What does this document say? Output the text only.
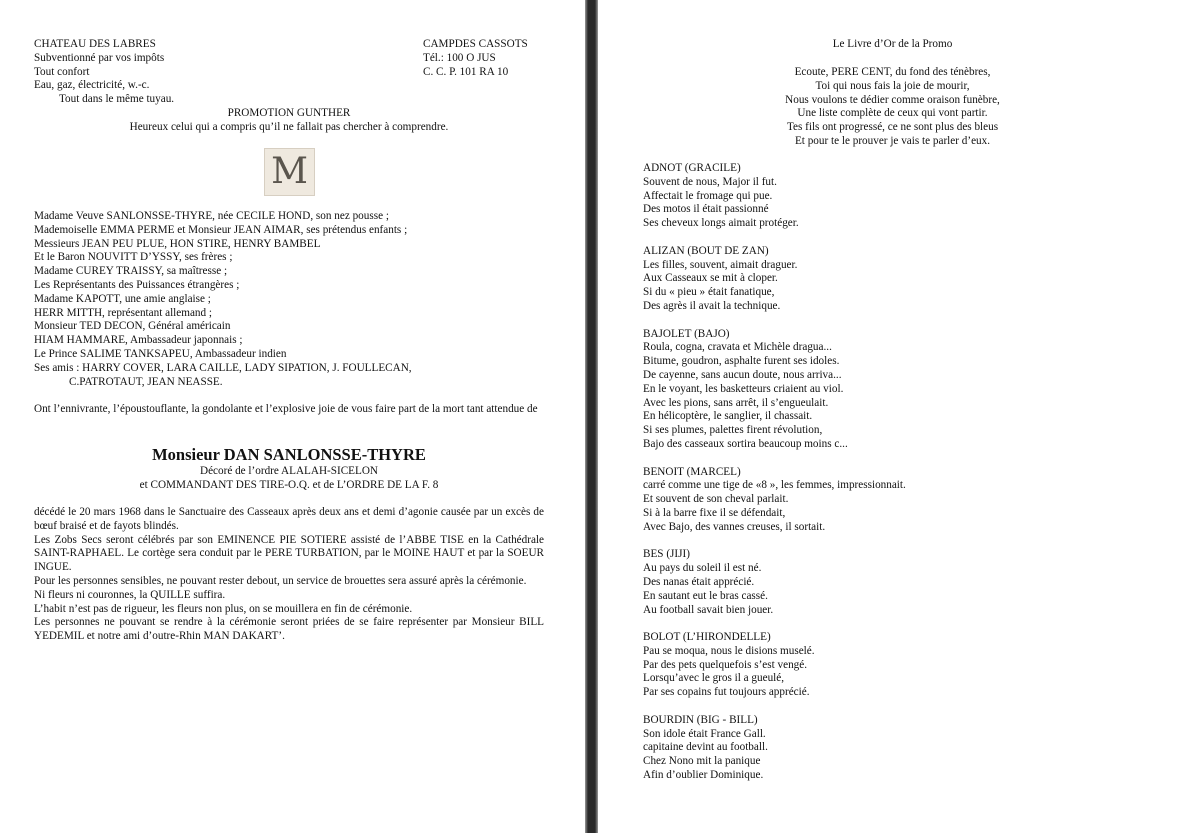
CHATEAU DES LABRES
Subventionné par vos impôts
Tout confort
Eau, gaz, électricité, w.-c.
Tout dans le même tuyau.
CAMPDES CASSOTS
Tél.: 100 O JUS
C. C. P. 101 RA 10
PROMOTION GUNTHER
Heureux celui qui a compris qu’il ne fallait pas chercher à comprendre.
M
Madame Veuve SANLONSSE-THYRE, née CECILE HOND, son nez pousse ;
Mademoiselle EMMA PERME et Monsieur JEAN AIMAR, ses prétendus enfants ;
Messieurs JEAN PEU PLUE, HON STIRE, HENRY BAMBEL
Et le Baron NOUVITT D’YSSY, ses frères ;
Madame CUREY TRAISSY, sa maîtresse ;
Les Représentants des Puissances étrangères ;
Madame KAPOTT, une amie anglaise ;
HERR MITTH, représentant allemand ;
Monsieur TED DECON, Général américain
HIAM HAMMARE, Ambassadeur japonnais ;
Le Prince SALIME TANKSAPEU, Ambassadeur indien
Ses amis : HARRY COVER, LARA CAILLE, LADY SIPATION, J. FOULLECAN,
C.PATROTAUT, JEAN NEASSE.
Ont l’ennivrante, l’époustouflante, la gondolante et l’explosive joie de vous faire part de la mort tant attendue de
Monsieur DAN SANLONSSE-THYRE
Décoré de l’ordre ALALAH-SICELON
et COMMANDANT DES TIRE-O.Q. et de L’ORDRE DE LA F. 8
décédé le 20 mars 1968 dans le Sanctuaire des Casseaux après deux ans et demi d’agonie causée par un excès de bœuf braisé et de fayots blindés.
Les Zobs Secs seront célébrés par son EMINENCE PIE SOTIERE assisté de l’ABBE TISE en la Cathédrale SAINT-RAPHAEL. Le cortège sera conduit par le PERE TURBATION, par le MOINE HAUT et par la SOEUR INGUE.
Pour les personnes sensibles, ne pouvant rester debout, un service de brouettes sera assuré après la cérémonie.
Ni fleurs ni couronnes, la QUILLE suffira.
L’habit n’est pas de rigueur, les fleurs non plus, on se mouillera en fin de cérémonie.
Les personnes ne pouvant se rendre à la cérémonie seront priées de se faire représenter par Monsieur BILL YEDEMIL et notre ami d’outre-Rhin MAN DAKART’.
Le Livre d’Or de la Promo
Ecoute, PERE CENT, du fond des ténèbres,
Toi qui nous fais la joie de mourir,
Nous voulons te dédier comme oraison funèbre,
Une liste complète de ceux qui vont partir.
Tes fils ont progressé, ce ne sont plus des bleus
Et pour te le prouver je vais te parler d’eux.
ADNOT (GRACILE)
Souvent de nous, Major il fut.
Affectait le fromage qui pue.
Des motos il était passionné
Ses cheveux longs aimait protéger.
ALIZAN (BOUT DE ZAN)
Les filles, souvent, aimait draguer.
Aux Casseaux se mit à cloper.
Si du « pieu » était fanatique,
Des agrès il avait la technique.
BAJOLET (BAJO)
Roula, cogna, cravata et Michèle dragua...
Bitume, goudron, asphalte furent ses idoles.
De cayenne, sans aucun doute, nous arriva...
En le voyant, les basketteurs criaient au viol.
Avec les pions, sans arrêt, il s’engueulait.
En hélicoptère, le sanglier, il chassait.
Si ses plumes, palettes firent révolution,
Bajo des casseaux sortira beaucoup moins c...
BENOIT (MARCEL)
carré comme une tige de «8 », les femmes, impressionnait.
Et souvent de son cheval parlait.
Si à la barre fixe il se défendait,
Avec Bajo, des vannes creuses, il sortait.
BES (JIJI)
Au pays du soleil il est né.
Des nanas était apprécié.
En sautant eut le bras cassé.
Au football savait bien jouer.
BOLOT (L’HIRONDELLE)
Pau se moqua, nous le disions muselé.
Par des pets quelquefois s’est vengé.
Lorsqu’avec le gros il a gueulé,
Par ses copains fut toujours apprécié.
BOURDIN (BIG - BILL)
Son idole était France Gall.
capitaine devint au football.
Chez Nono mit la panique
Afin d’oublier Dominique.
